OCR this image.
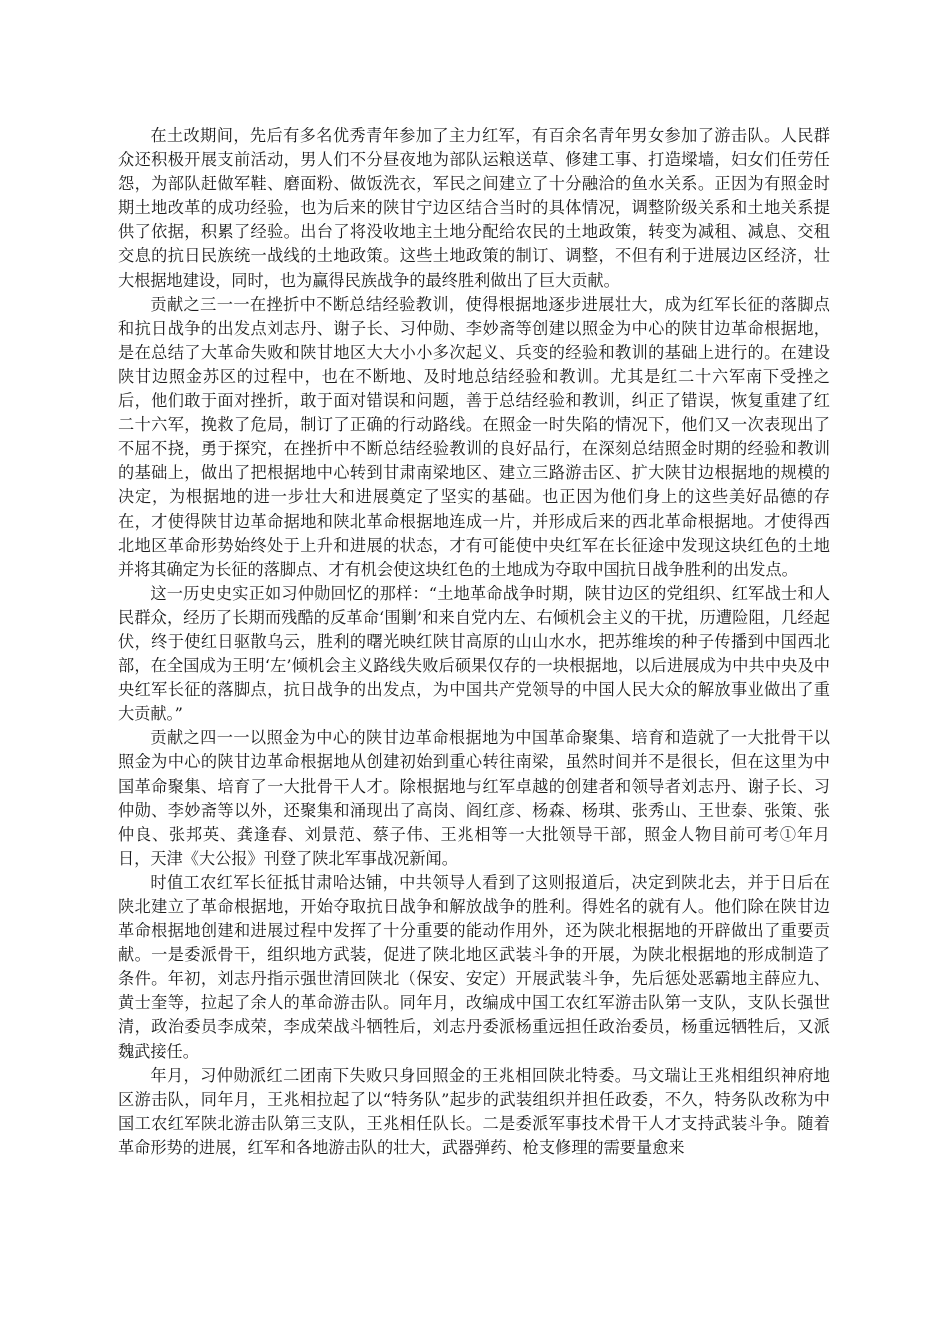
在土改期间，先后有多名优秀青年参加了主力红军，有百余名青年男女参加了游击队。人民群众还积极开展支前活动，男人们不分昼夜地为部队运粮送草、修建工事、打造墚墙，妇女们任劳任怨，为部队赶做军鞋、磨面粉、做饭洗衣，军民之间建立了十分融洽的鱼水关系。正因为有照金时期土地改革的成功经验，也为后来的陕甘宁边区结合当时的具体情况，调整阶级关系和土地关系提供了依据，积累了经验。出台了将没收地主土地分配给农民的土地政策，转变为减租、减息、交租交息的抗日民族统一战线的土地政策。这些土地政策的制订、调整，不但有利于进展边区经济，壮大根据地建设，同时，也为赢得民族战争的最终胜利做出了巨大贡献。

贡献之三一一在挫折中不断总结经验教训，使得根据地逐步进展壮大，成为红军长征的落脚点和抗日战争的出发点刘志丹、谢子长、习仲勋、李妙斋等创建以照金为中心的陕甘边革命根据地，是在总结了大革命失败和陕甘地区大大小小多次起义、兵变的经验和教训的基础上进行的。在建设陕甘边照金苏区的过程中，也在不断地、及时地总结经验和教训。尤其是红二十六军南下受挫之后，他们敢于面对挫折，敢于面对错误和问题，善于总结经验和教训，纠正了错误，恢复重建了红二十六军，挽救了危局，制订了正确的行动路线。在照金一时失陷的情况下，他们又一次表现出了不屈不挠，勇于探究，在挫折中不断总结经验教训的良好品行，在深刻总结照金时期的经验和教训的基础上，做出了把根据地中心转到甘肃南梁地区、建立三路游击区、扩大陕甘边根据地的规模的决定，为根据地的进一步壮大和进展奠定了坚实的基础。也正因为他们身上的这些美好品德的存在，才使得陕甘边革命据地和陕北革命根据地连成一片，并形成后来的西北革命根据地。才使得西北地区革命形势始终处于上升和进展的状态，才有可能使中央红军在长征途中发现这块红色的土地并将其确定为长征的落脚点、才有机会使这块红色的土地成为夺取中国抗日战争胜利的出发点。

这一历史史实正如习仲勋回忆的那样：“土地革命战争时期，陕甘边区的党组织、红军战士和人民群众，经历了长期而残酷的反革命‘围剿’和来自党内左、右倾机会主义的干扰，历遭险阻，几经起伏，终于使红日驱散乌云，胜利的曙光映红陕甘高原的山山水水，把苏维埃的种子传播到中国西北部，在全国成为王明‘左’倾机会主义路线失败后硕果仅存的一块根据地，以后进展成为中共中央及中央红军长征的落脚点，抗日战争的出发点，为中国共产党领导的中国人民大众的解放事业做出了重大贡献。”

贡献之四一一以照金为中心的陕甘边革命根据地为中国革命聚集、培育和造就了一大批骨干以照金为中心的陕甘边革命根据地从创建初始到重心转往南梁，虽然时间并不是很长，但在这里为中国革命聚集、培育了一大批骨干人才。除根据地与红军卓越的创建者和领导者刘志丹、谢子长、习仲勋、李妙斋等以外，还聚集和涌现出了高岗、阎红彦、杨森、杨琪、张秀山、王世泰、张策、张仲良、张邦英、龚逢春、刘景范、蔡子伟、王兆相等一大批领导干部，照金人物目前可考①年月日，天津《大公报》刊登了陕北军事战况新闻。

时值工农红军长征抵甘肃哈达铺，中共领导人看到了这则报道后，决定到陕北去，并于日后在陕北建立了革命根据地，开始夺取抗日战争和解放战争的胜利。得姓名的就有人。他们除在陕甘边革命根据地创建和进展过程中发挥了十分重要的能动作用外，还为陕北根据地的开辟做出了重要贡献。一是委派骨干，组织地方武装，促进了陕北地区武装斗争的开展，为陕北根据地的形成制造了条件。年初，刘志丹指示强世清回陕北（保安、安定）开展武装斗争，先后惩处恶霸地主薛应九、黄士奎等，拉起了余人的革命游击队。同年月，改编成中国工农红军游击队第一支队，支队长强世清，政治委员李成荣，李成荣战斗牺牲后，刘志丹委派杨重远担任政治委员，杨重远牺牲后，又派魏武接任。

年月，习仲勋派红二团南下失败只身回照金的王兆相回陕北特委。马文瑞让王兆相组织神府地区游击队，同年月，王兆相拉起了以“特务队”起步的武装组织并担任政委，不久，特务队改称为中国工农红军陕北游击队第三支队，王兆相任队长。二是委派军事技术骨干人才支持武装斗争。随着革命形势的进展，红军和各地游击队的壮大，武器弹药、枪支修理的需要量愈来
